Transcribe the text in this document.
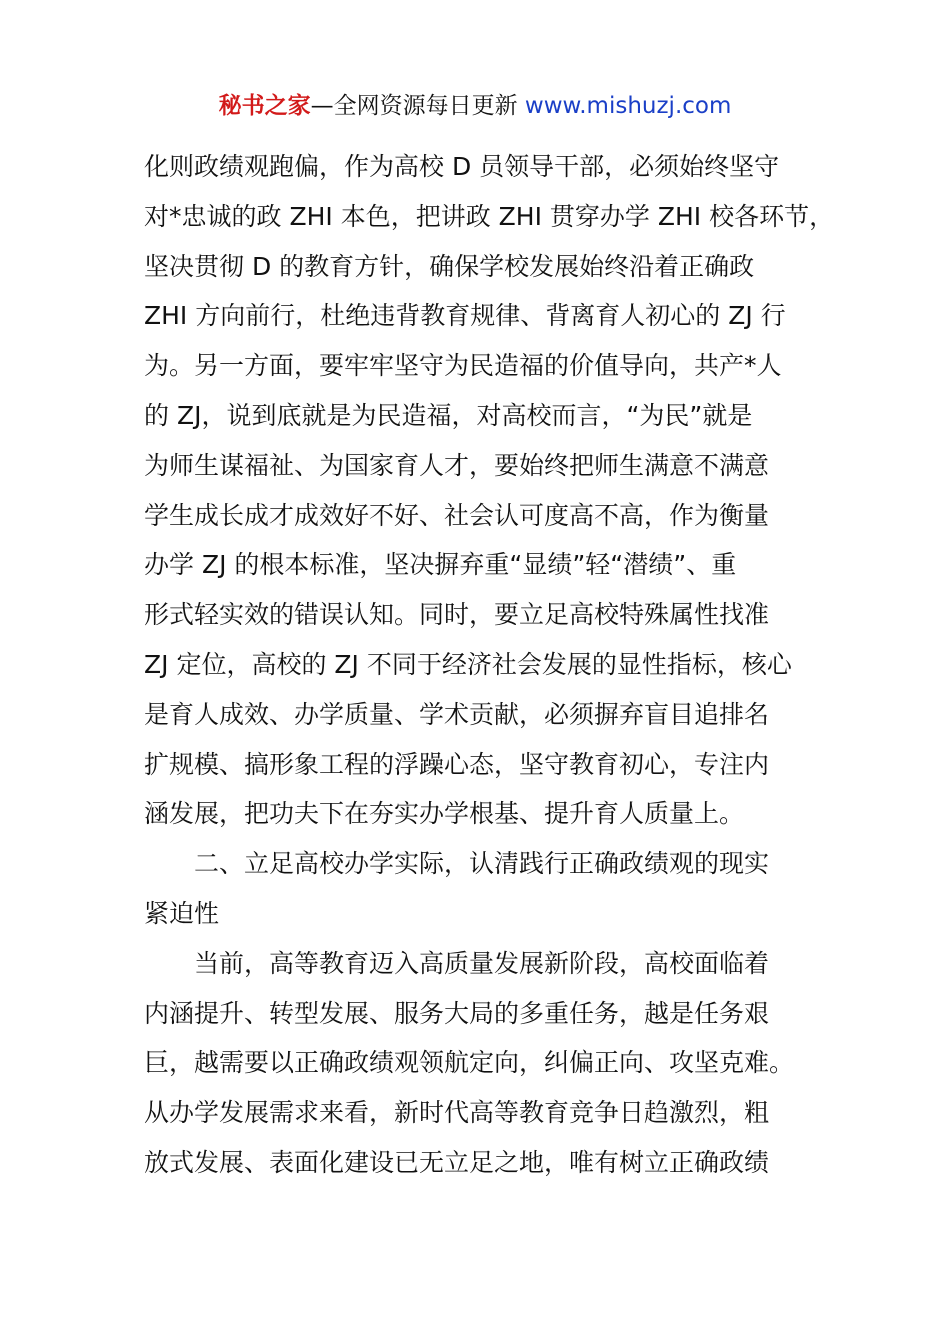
秘书之家—全网资源每日更新 www.mishuzj.com
化则政绩观跑偏，作为高校 D 员领导干部，必须始终坚守
对*忠诚的政 ZHI 本色，把讲政 ZHI 贯穿办学 ZHI 校各环节，
坚决贯彻 D 的教育方针，确保学校发展始终沿着正确政
ZHI 方向前行，杜绝违背教育规律、背离育人初心的 ZJ 行
为。另一方面，要牢牢坚守为民造福的价值导向，共产*人
的 ZJ，说到底就是为民造福，对高校而言，“为民”就是
为师生谋福祉、为国家育人才，要始终把师生满意不满意
学生成长成才成效好不好、社会认可度高不高，作为衡量
办学 ZJ 的根本标准，坚决摒弃重“显绩”轻“潜绩”、重
形式轻实效的错误认知。同时，要立足高校特殊属性找准
ZJ 定位，高校的 ZJ 不同于经济社会发展的显性指标，核心
是育人成效、办学质量、学术贡献，必须摒弃盲目追排名
扩规模、搞形象工程的浮躁心态，坚守教育初心，专注内
涵发展，把功夫下在夯实办学根基、提升育人质量上。
二、立足高校办学实际，认清践行正确政绩观的现实
紧迫性
当前，高等教育迈入高质量发展新阶段，高校面临着
内涵提升、转型发展、服务大局的多重任务，越是任务艰
巨，越需要以正确政绩观领航定向，纠偏正向、攻坚克难。
从办学发展需求来看，新时代高等教育竞争日趋激烈，粗
放式发展、表面化建设已无立足之地，唯有树立正确政绩
